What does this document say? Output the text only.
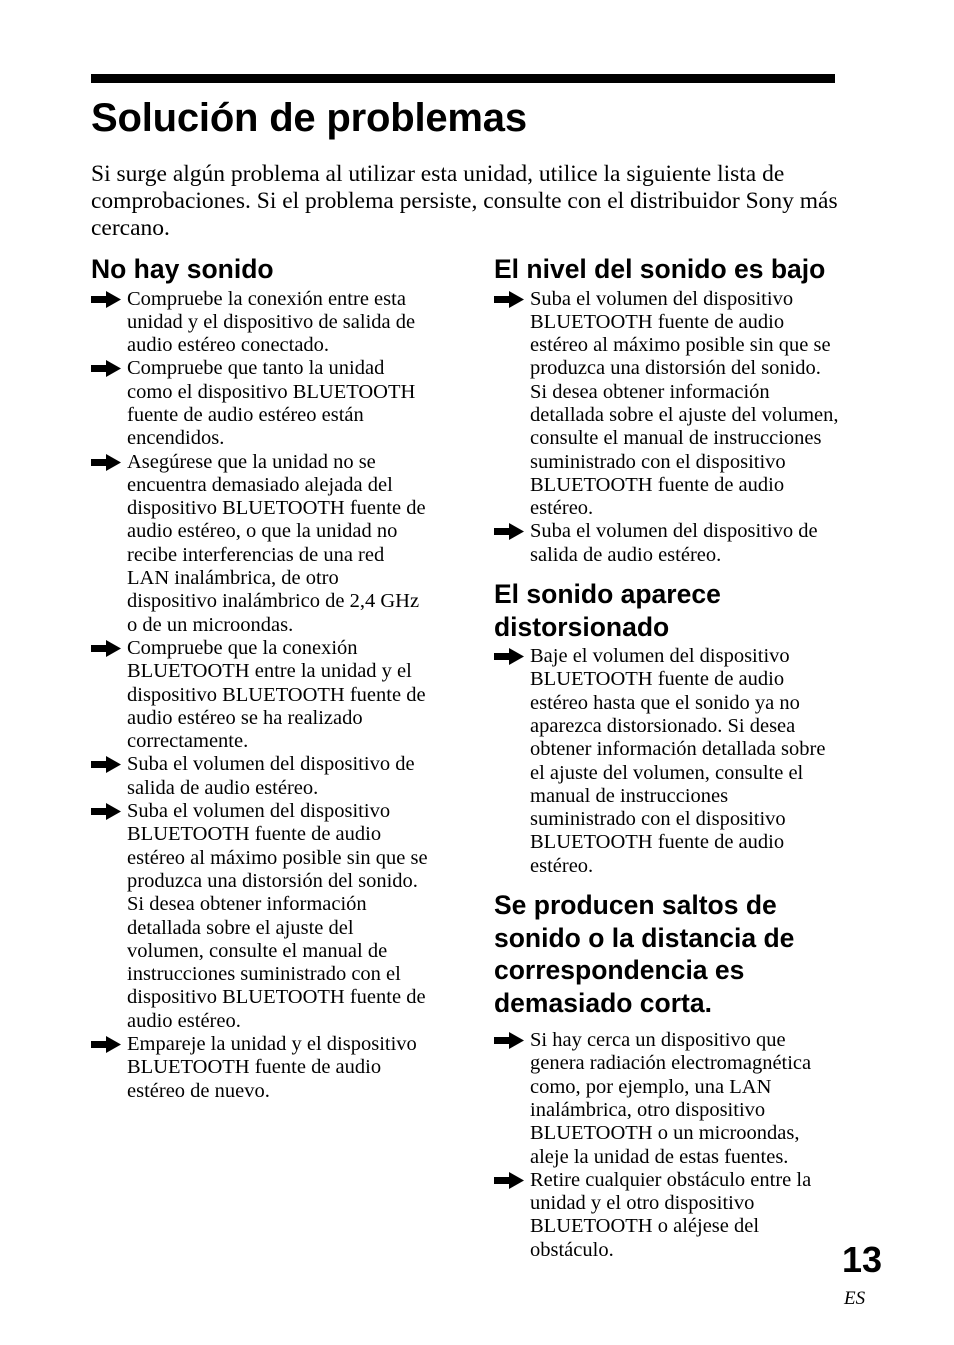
Solución de problemas

Si surge algún problema al utilizar esta unidad, utilice la siguiente lista de comprobaciones. Si el problema persiste, consulte con el distribuidor Sony más cercano.

No hay sonido
Compruebe la conexión entre esta unidad y el dispositivo de salida de audio estéreo conectado.
Compruebe que tanto la unidad como el dispositivo BLUETOOTH fuente de audio estéreo están encendidos.
Asegúrese que la unidad no se encuentra demasiado alejada del dispositivo BLUETOOTH fuente de audio estéreo, o que la unidad no recibe interferencias de una red LAN inalámbrica, de otro dispositivo inalámbrico de 2,4 GHz o de un microondas.
Compruebe que la conexión BLUETOOTH entre la unidad y el dispositivo BLUETOOTH fuente de audio estéreo se ha realizado correctamente.
Suba el volumen del dispositivo de salida de audio estéreo.
Suba el volumen del dispositivo BLUETOOTH fuente de audio estéreo al máximo posible sin que se produzca una distorsión del sonido. Si desea obtener información detallada sobre el ajuste del volumen, consulte el manual de instrucciones suministrado con el dispositivo BLUETOOTH fuente de audio estéreo.
Empareje la unidad y el dispositivo BLUETOOTH fuente de audio estéreo de nuevo.
El nivel del sonido es bajo
Suba el volumen del dispositivo BLUETOOTH fuente de audio estéreo al máximo posible sin que se produzca una distorsión del sonido. Si desea obtener información detallada sobre el ajuste del volumen, consulte el manual de instrucciones suministrado con el dispositivo BLUETOOTH fuente de audio estéreo.
Suba el volumen del dispositivo de salida de audio estéreo.
El sonido aparece distorsionado
Baje el volumen del dispositivo BLUETOOTH fuente de audio estéreo hasta que el sonido ya no aparezca distorsionado. Si desea obtener información detallada sobre el ajuste del volumen, consulte el manual de instrucciones suministrado con el dispositivo BLUETOOTH fuente de audio estéreo.
Se producen saltos de sonido o la distancia de correspondencia es demasiado corta.
Si hay cerca un dispositivo que genera radiación electromagnética como, por ejemplo, una LAN inalámbrica, otro dispositivo BLUETOOTH o un microondas, aleje la unidad de estas fuentes.
Retire cualquier obstáculo entre la unidad y el otro dispositivo BLUETOOTH o aléjese del obstáculo.	13
ES
